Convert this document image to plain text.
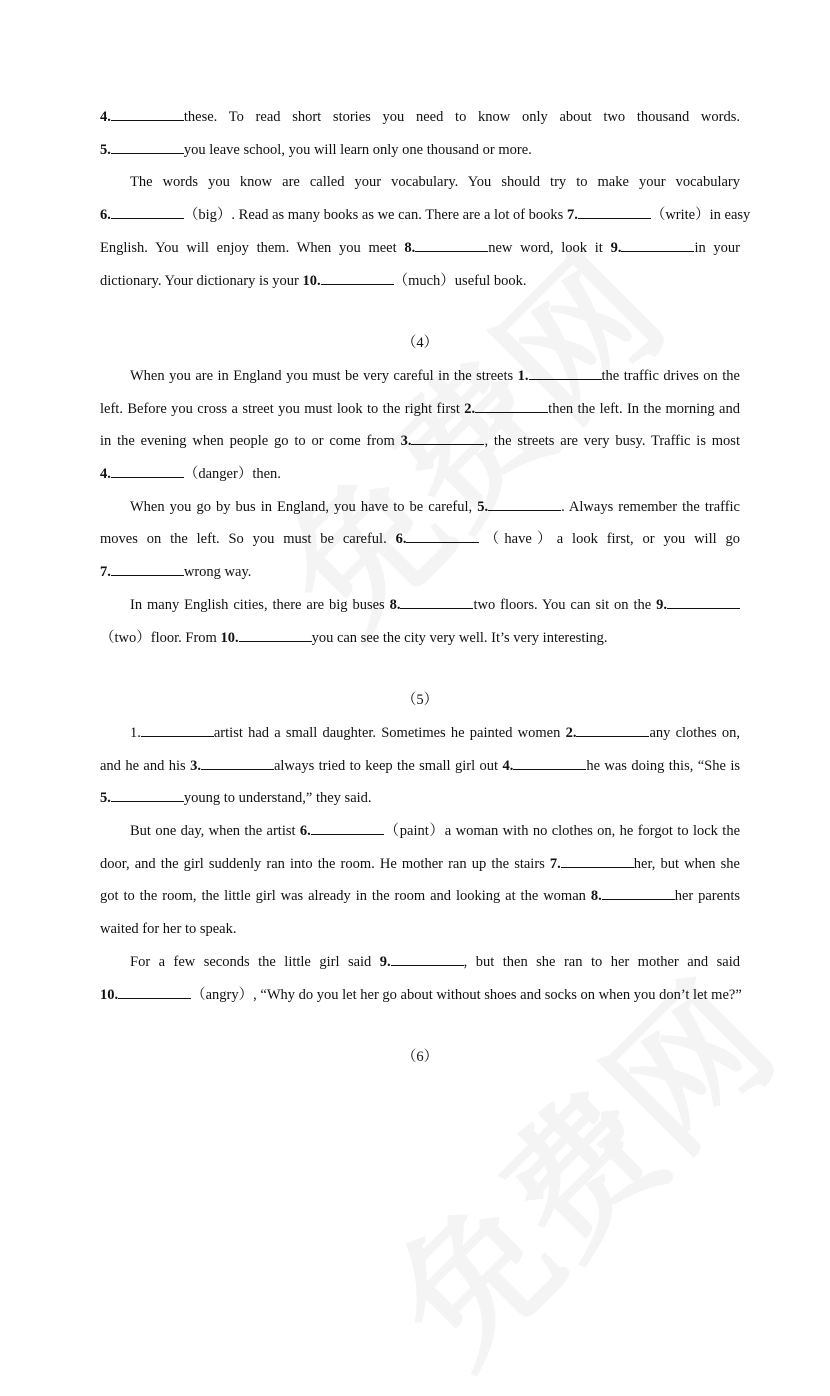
4.	these. To read short stories you need to know only about two thousand words.
5.	you leave school, you will learn only one thousand or more.
The words you know are called your vocabulary. You should try to make your vocabulary
6.	（big）. Read as many books as we can. There are a lot of books 7.	（write）in easy
English. You will enjoy them. When you meet 8.	new word, look it 9.	in your
dictionary. Your dictionary is your 10.	（much）useful book.
（4）
When you are in England you must be very careful in the streets 1.	the traffic drives on the
left. Before you cross a street you must look to the right first 2.	then the left. In the morning and
in the evening when people go to or come from 3.	, the streets are very busy. Traffic is most
4.	（danger）then.
When you go by bus in England, you have to be careful, 5.	. Always remember the traffic
moves on the left. So you must be careful. 6.	（have）a look first, or you will go
7.	wrong way.
In many English cities, there are big buses 8.	two floors. You can sit on the 9.
（two）floor. From 10.	you can see the city very well. It’s very interesting.
（5）
1.	artist had a small daughter. Sometimes he painted women 2.	any clothes on,
and he and his 3.	always tried to keep the small girl out 4.	he was doing this, “She is
5.	young to understand,” they said.
But one day, when the artist 6.	（paint）a woman with no clothes on, he forgot to lock the
door, and the girl suddenly ran into the room. He mother ran up the stairs 7.	her, but when she
got to the room, the little girl was already in the room and looking at the woman 8.	her parents
waited for her to speak.
For a few seconds the little girl said 9.	, but then she ran to her mother and said
10.	（angry）, “Why do you let her go about without shoes and socks on when you don’t let me?”
（6）
